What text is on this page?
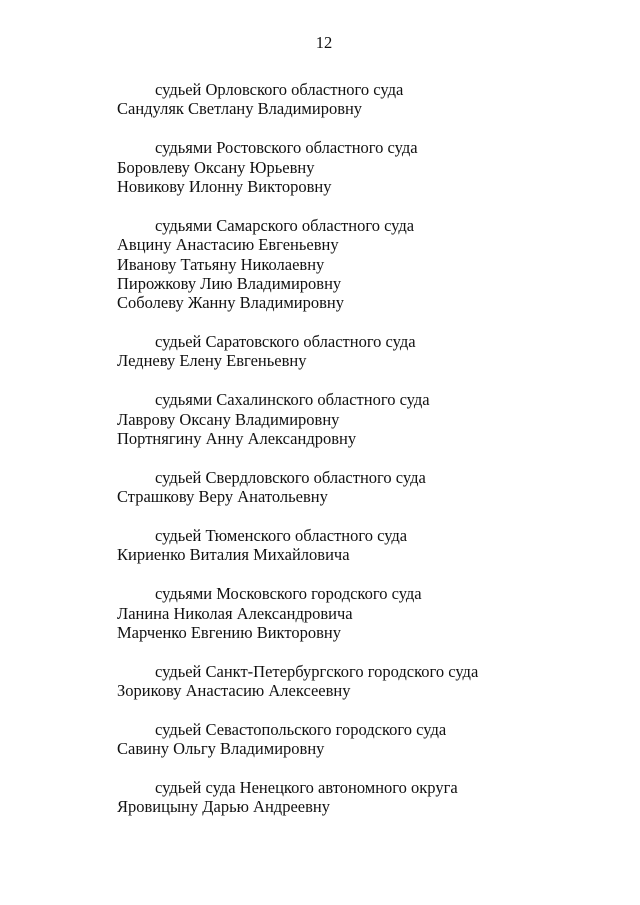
12
судьей Орловского областного суда
Сандуляк Светлану Владимировну
судьями Ростовского областного суда
Боровлеву Оксану Юрьевну
Новикову Илонну Викторовну
судьями Самарского областного суда
Авцину Анастасию Евгеньевну
Иванову Татьяну Николаевну
Пирожкову Лию Владимировну
Соболеву Жанну Владимировну
судьей Саратовского областного суда
Ледневу Елену Евгеньевну
судьями Сахалинского областного суда
Лаврову Оксану Владимировну
Портнягину Анну Александровну
судьей Свердловского областного суда
Страшкову Веру Анатольевну
судьей Тюменского областного суда
Кириенко Виталия Михайловича
судьями Московского городского суда
Ланина Николая Александровича
Марченко Евгению Викторовну
судьей Санкт-Петербургского городского суда
Зорикову Анастасию Алексеевну
судьей Севастопольского городского суда
Савину Ольгу Владимировну
судьей суда Ненецкого автономного округа
Яровицыну Дарью Андреевну
